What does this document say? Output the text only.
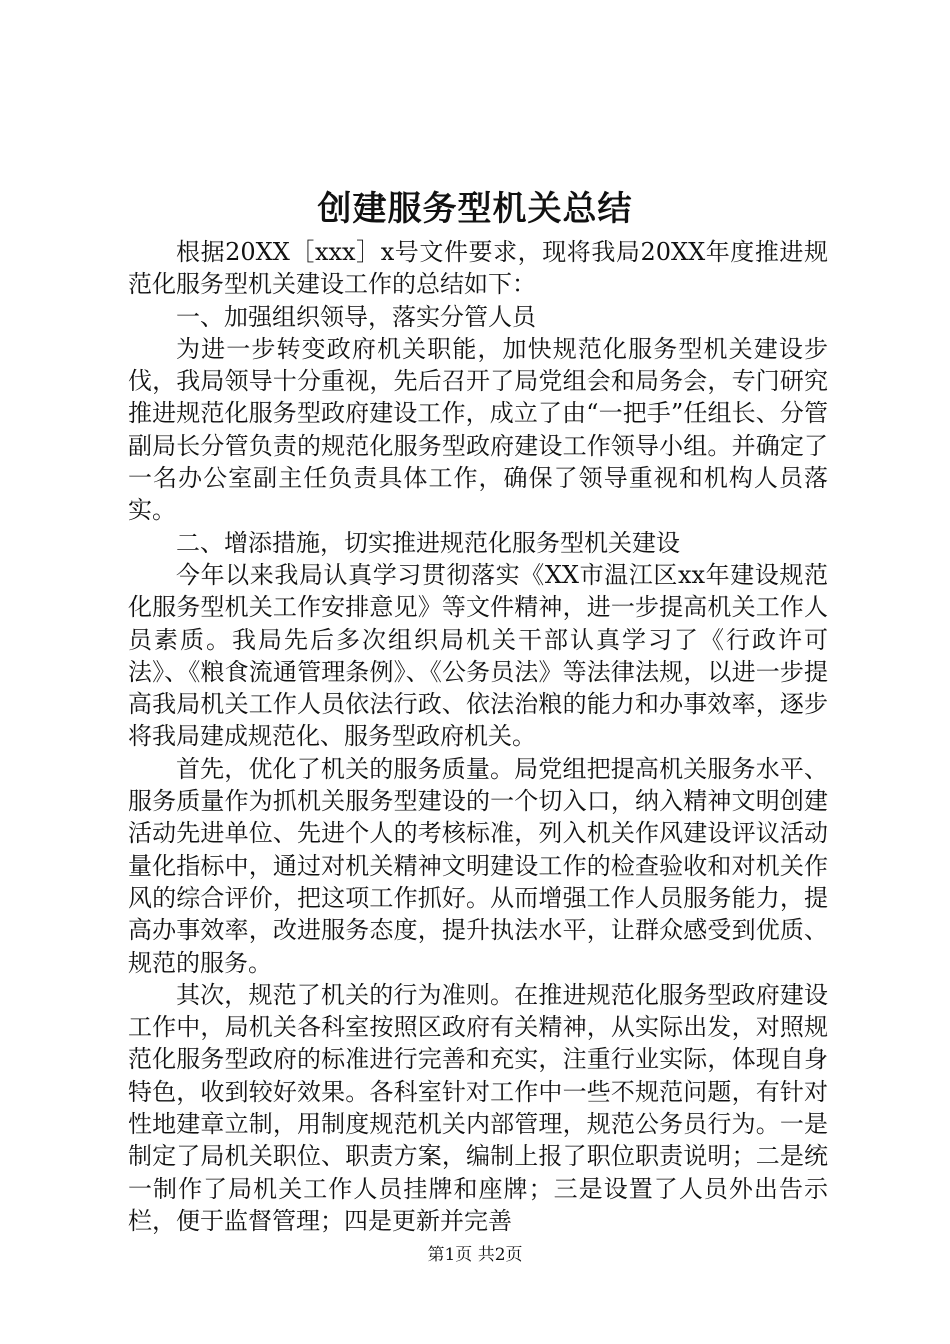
创建服务型机关总结

根据20XX［xxx］x号文件要求，现将我局20XX年度推进规范化服务型机关建设工作的总结如下：

一、加强组织领导，落实分管人员

为进一步转变政府机关职能，加快规范化服务型机关建设步伐，我局领导十分重视，先后召开了局党组会和局务会，专门研究推进规范化服务型政府建设工作，成立了由“一把手”任组长、分管副局长分管负责的规范化服务型政府建设工作领导小组。并确定了一名办公室副主任负责具体工作，确保了领导重视和机构人员落实。

二、增添措施，切实推进规范化服务型机关建设

今年以来我局认真学习贯彻落实《XX市温江区xx年建设规范化服务型机关工作安排意见》等文件精神，进一步提高机关工作人员素质。我局先后多次组织局机关干部认真学习了《行政许可法》、《粮食流通管理条例》、《公务员法》等法律法规，以进一步提高我局机关工作人员依法行政、依法治粮的能力和办事效率，逐步将我局建成规范化、服务型政府机关。

首先，优化了机关的服务质量。局党组把提高机关服务水平、服务质量作为抓机关服务型建设的一个切入口，纳入精神文明创建活动先进单位、先进个人的考核标准，列入机关作风建设评议活动量化指标中，通过对机关精神文明建设工作的检查验收和对机关作风的综合评价，把这项工作抓好。从而增强工作人员服务能力，提高办事效率，改进服务态度，提升执法水平，让群众感受到优质、规范的服务。

其次，规范了机关的行为准则。在推进规范化服务型政府建设工作中，局机关各科室按照区政府有关精神，从实际出发，对照规范化服务型政府的标准进行完善和充实，注重行业实际，体现自身特色，收到较好效果。各科室针对工作中一些不规范问题，有针对性地建章立制，用制度规范机关内部管理，规范公务员行为。一是制定了局机关职位、职责方案，编制上报了职位职责说明；二是统一制作了局机关工作人员挂牌和座牌；三是设置了人员外出告示栏，便于监督管理；四是更新并完善

第1页 共2页
